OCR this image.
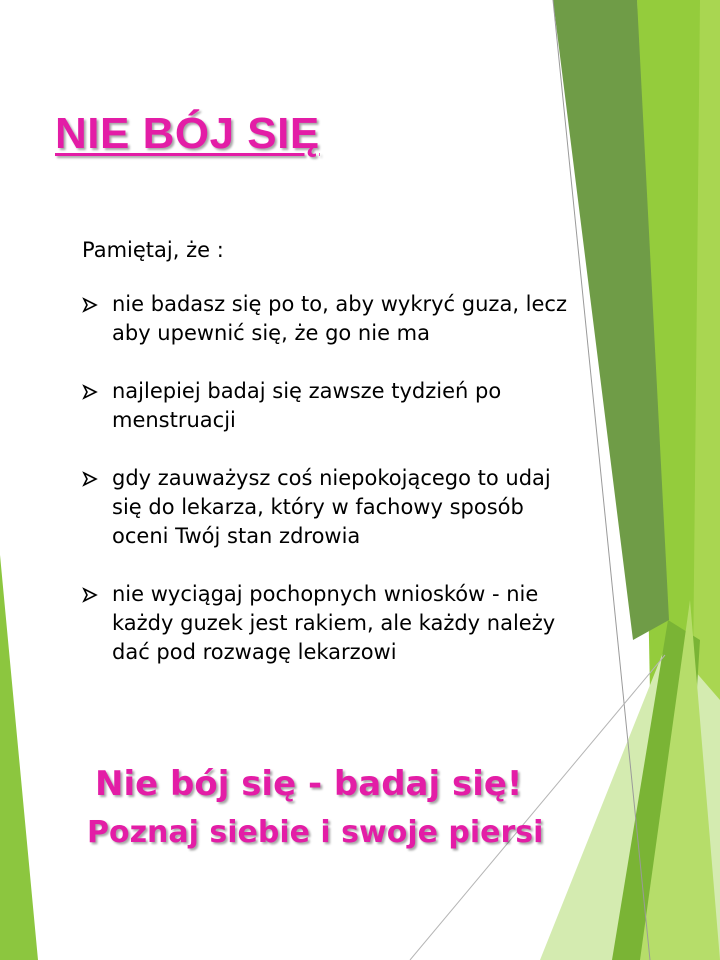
NIE BÓJ SIĘ
Pamiętaj, że :
nie badasz się po to, aby wykryć guza, lecz aby upewnić się, że go nie ma
najlepiej badaj się zawsze tydzień po menstruacji
gdy zauważysz coś niepokojącego to udaj się do lekarza, który w fachowy sposób oceni Twój stan zdrowia
nie wyciągaj pochopnych wniosków - nie każdy guzek jest rakiem, ale każdy należy dać pod rozwagę lekarzowi

Nie bój się - badaj się!

Poznaj siebie i swoje piersi
